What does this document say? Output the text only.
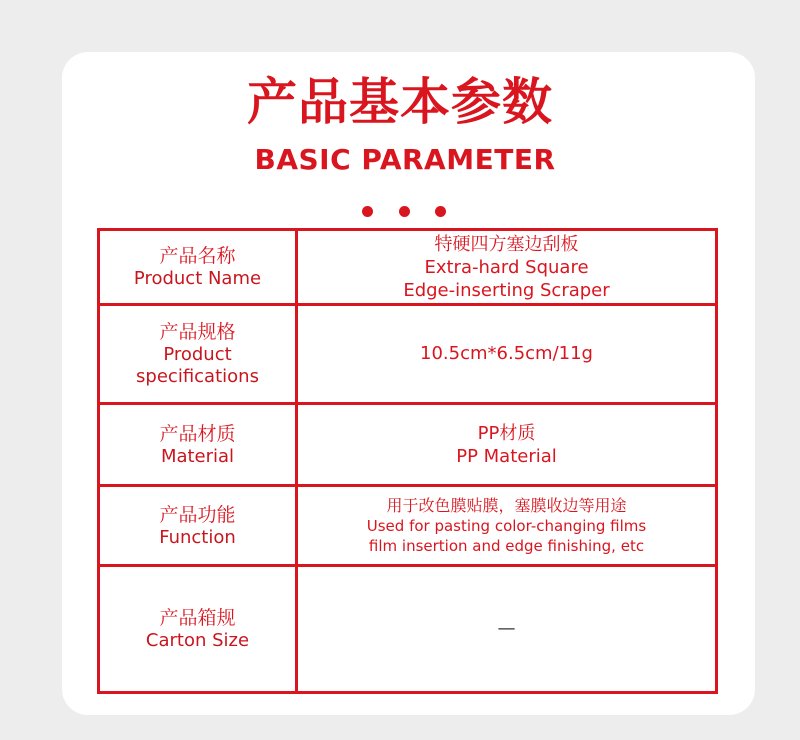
产品基本参数
BASIC PARAMETER
产品名称
Product Name	特硬四方塞边刮板
Extra-hard Square
Edge-inserting Scraper

产品规格
Product
specifications	10.5cm*6.5cm/11g

产品材质
Material	PP材质
PP Material

产品功能
Function	用于改色膜贴膜，塞膜收边等用途
Used for pasting color-changing films
film insertion and edge finishing, etc

产品箱规
Carton Size	—
